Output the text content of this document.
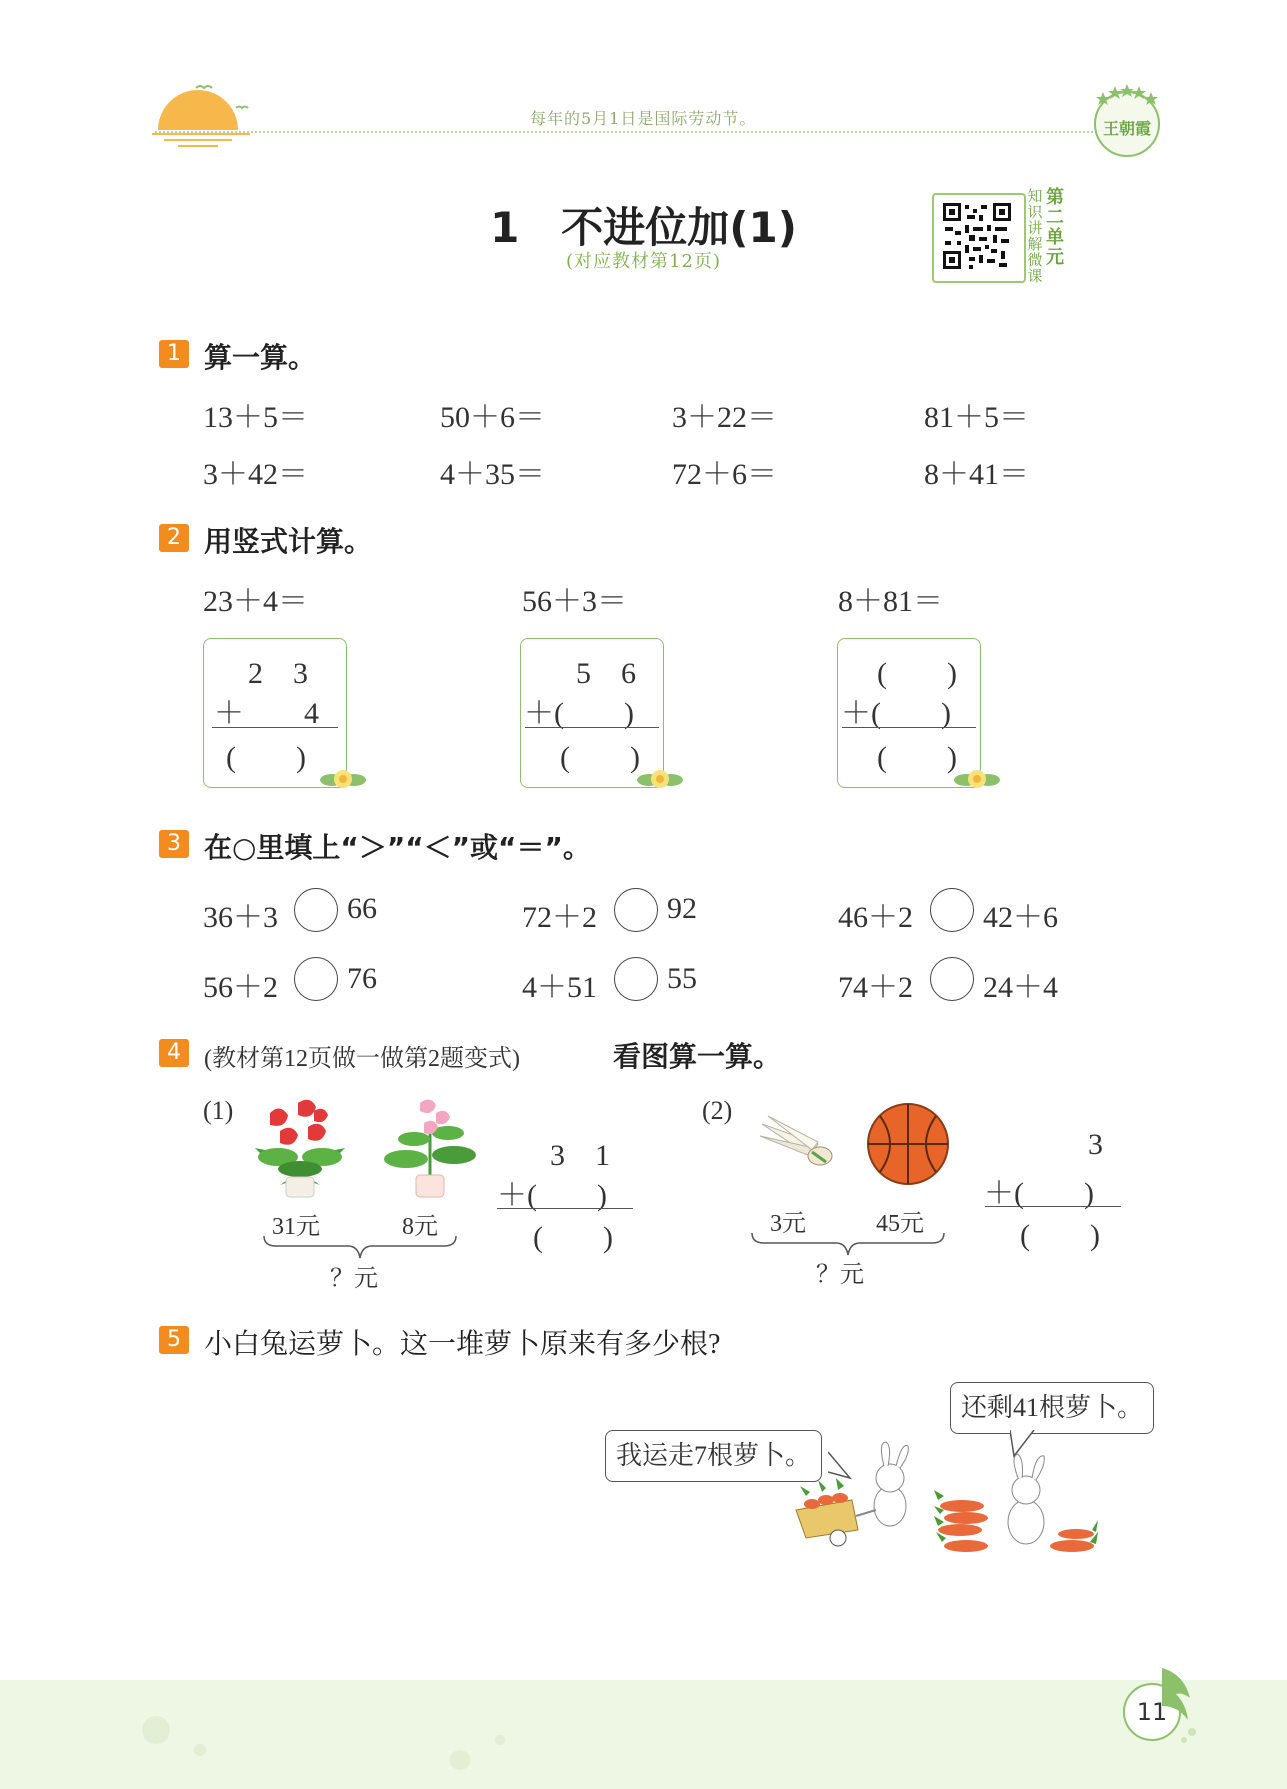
每年的5月1日是国际劳动节。
王朝霞
1　不进位加(1)
(对应教材第12页)
第
二
单
元
知
识
讲
解
微
课
1 算一算。
13＋5＝	50＋6＝	3＋22＝	81＋5＝
3＋42＝	4＋35＝	72＋6＝	8＋41＝
2 用竖式计算。
23＋4＝	56＋3＝	8＋81＝
2　3
＋　　4
(　　)
5　6
＋(　　)
(　　)
(　　)
＋(　　)
(　　)
3 在○里填上“＞”“＜”或“＝”。
36＋3 66	72＋2 92	46＋2 42＋6
56＋2 76	4＋51 55	74＋2 24＋4
4 (教材第12页做一做第2题变式)	看图算一算。
(1)
31元	8元
？元
3　1
＋(　　)
(　　)
(2)
3元	45元
？元
3
＋(　　)
(　　)
5 小白兔运萝卜。这一堆萝卜原来有多少根?
我运走7根萝卜。
还剩41根萝卜。
11
